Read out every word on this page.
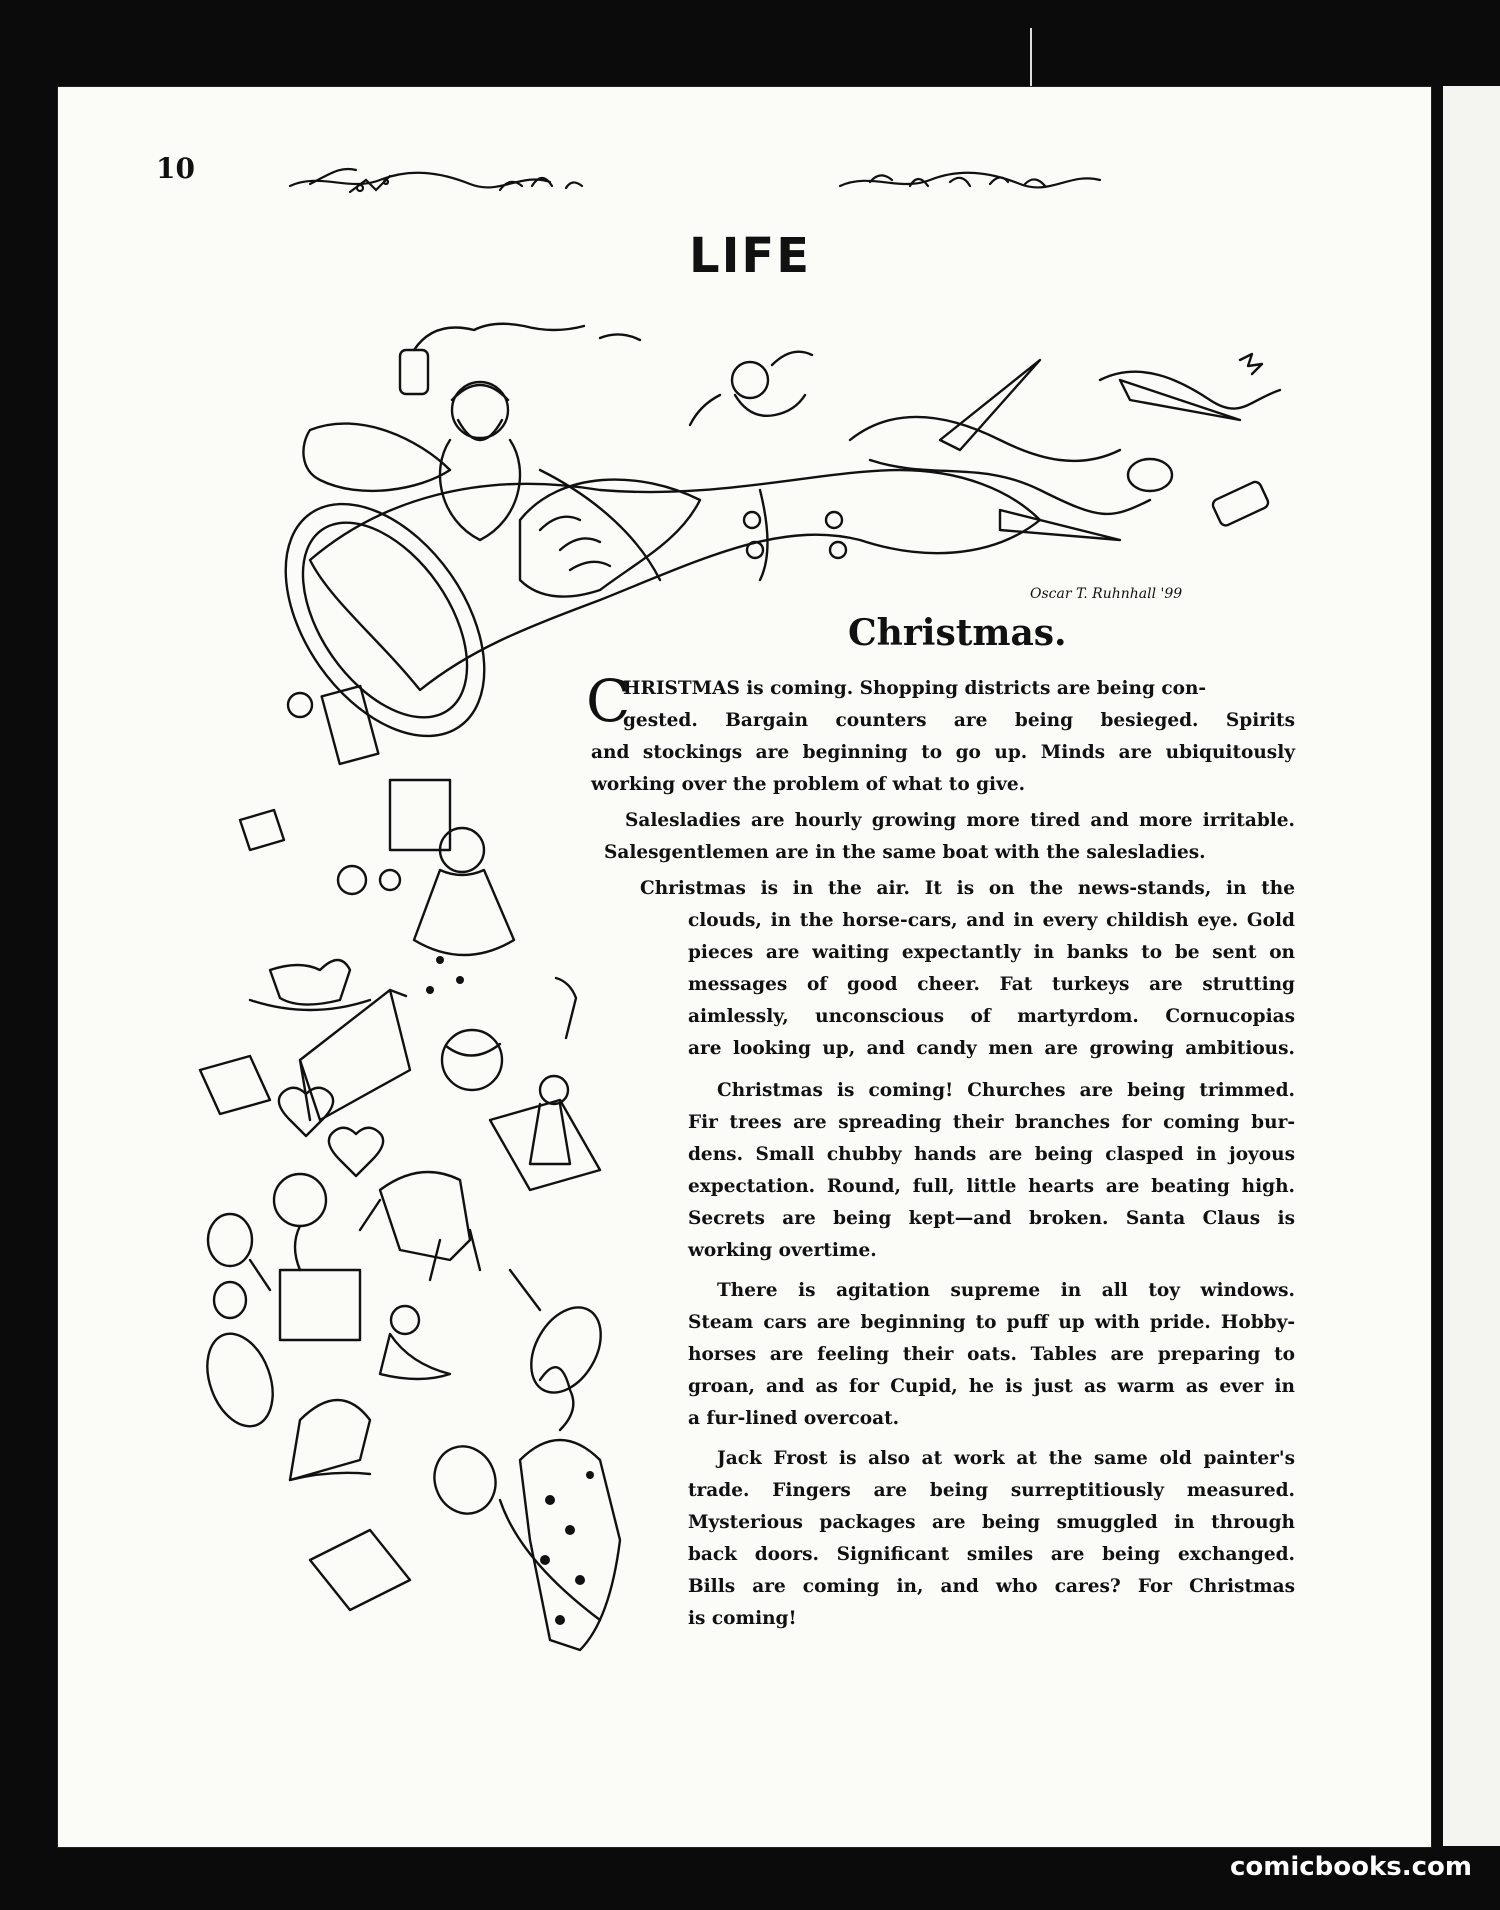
10
LIFE
Oscar T. Ruhnhall '99
Christmas.
C
HRISTMAS is coming. Shopping districts are being con-
gested. Bargain counters are being besieged. Spirits
and stockings are beginning to go up. Minds are ubiquitously
working over the problem of what to give.
Salesladies are hourly growing more tired and more irritable.
Salesgentlemen are in the same boat with the salesladies.
Christmas is in the air. It is on the news-stands, in the
clouds, in the horse-cars, and in every childish eye. Gold
pieces are waiting expectantly in banks to be sent on
messages of good cheer. Fat turkeys are strutting
aimlessly, unconscious of martyrdom. Cornucopias
are looking up, and candy men are growing ambitious.
Christmas is coming! Churches are being trimmed.
Fir trees are spreading their branches for coming bur-
dens. Small chubby hands are being clasped in joyous
expectation. Round, full, little hearts are beating high.
Secrets are being kept—and broken. Santa Claus is
working overtime.
There is agitation supreme in all toy windows.
Steam cars are beginning to puff up with pride. Hobby-
horses are feeling their oats. Tables are preparing to
groan, and as for Cupid, he is just as warm as ever in
a fur-lined overcoat.
Jack Frost is also at work at the same old painter's
trade. Fingers are being surreptitiously measured.
Mysterious packages are being smuggled in through
back doors. Significant smiles are being exchanged.
Bills are coming in, and who cares? For Christmas
is coming!
comicbooks.com
